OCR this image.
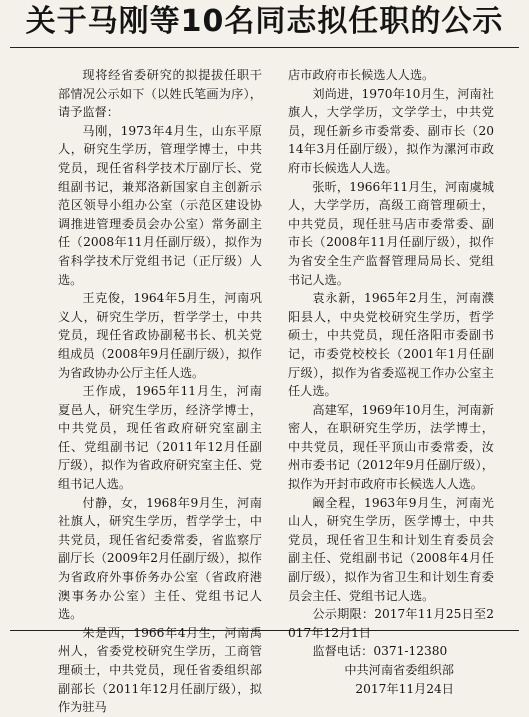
关于马刚等10名同志拟任职的公示

现将经省委研究的拟提拔任职干部情况公示如下（以姓氏笔画为序），请予监督：

马刚，1973年4月生，山东平原人，研究生学历，管理学博士，中共党员，现任省科学技术厅副厅长、党组副书记，兼郑洛新国家自主创新示范区领导小组办公室（示范区建设协调推进管理委员会办公室）常务副主任（2008年11月任副厅级），拟作为省科学技术厅党组书记（正厅级）人选。

王克俊，1964年5月生，河南巩义人，研究生学历，哲学学士，中共党员，现任省政协副秘书长、机关党组成员（2008年9月任副厅级），拟作为省政协办公厅主任人选。

王作成，1965年11月生，河南夏邑人，研究生学历，经济学博士，中共党员，现任省政府研究室副主任、党组副书记（2011年12月任副厅级），拟作为省政府研究室主任、党组书记人选。

付静，女，1968年9月生，河南社旗人，研究生学历，哲学学士，中共党员，现任省纪委常委，省监察厅副厅长（2009年2月任副厅级），拟作为省政府外事侨务办公室（省政府港澳事务办公室）主任、党组书记人选。

朱是西，1966年4月生，河南禹州人，省委党校研究生学历，工商管理硕士，中共党员，现任省委组织部副部长（2011年12月任副厅级），拟作为驻马

店市政府市长候选人人选。

刘尚进，1970年10月生，河南社旗人，大学学历，文学学士，中共党员，现任新乡市委常委、副市长（2014年3月任副厅级），拟作为漯河市政府市长候选人人选。

张昕，1966年11月生，河南虞城人，大学学历，高级工商管理硕士，中共党员，现任驻马店市委常委、副市长（2008年11月任副厅级），拟作为省安全生产监督管理局局长、党组书记人选。

袁永新，1965年2月生，河南濮阳县人，中央党校研究生学历，哲学硕士，中共党员，现任洛阳市委副书记，市委党校校长（2001年1月任副厅级），拟作为省委巡视工作办公室主任人选。

高建军，1969年10月生，河南新密人，在职研究生学历，法学博士，中共党员，现任平顶山市委常委，汝州市委书记（2012年9月任副厅级），拟作为开封市政府市长候选人人选。

阚全程，1963年9月生，河南光山人，研究生学历，医学博士，中共党员，现任省卫生和计划生育委员会副主任、党组副书记（2008年4月任副厅级），拟作为省卫生和计划生育委员会主任、党组书记人选。

公示期限：2017年11月25日至2017年12月1日

监督电话：0371-12380

中共河南省委组织部
2017年11月24日
